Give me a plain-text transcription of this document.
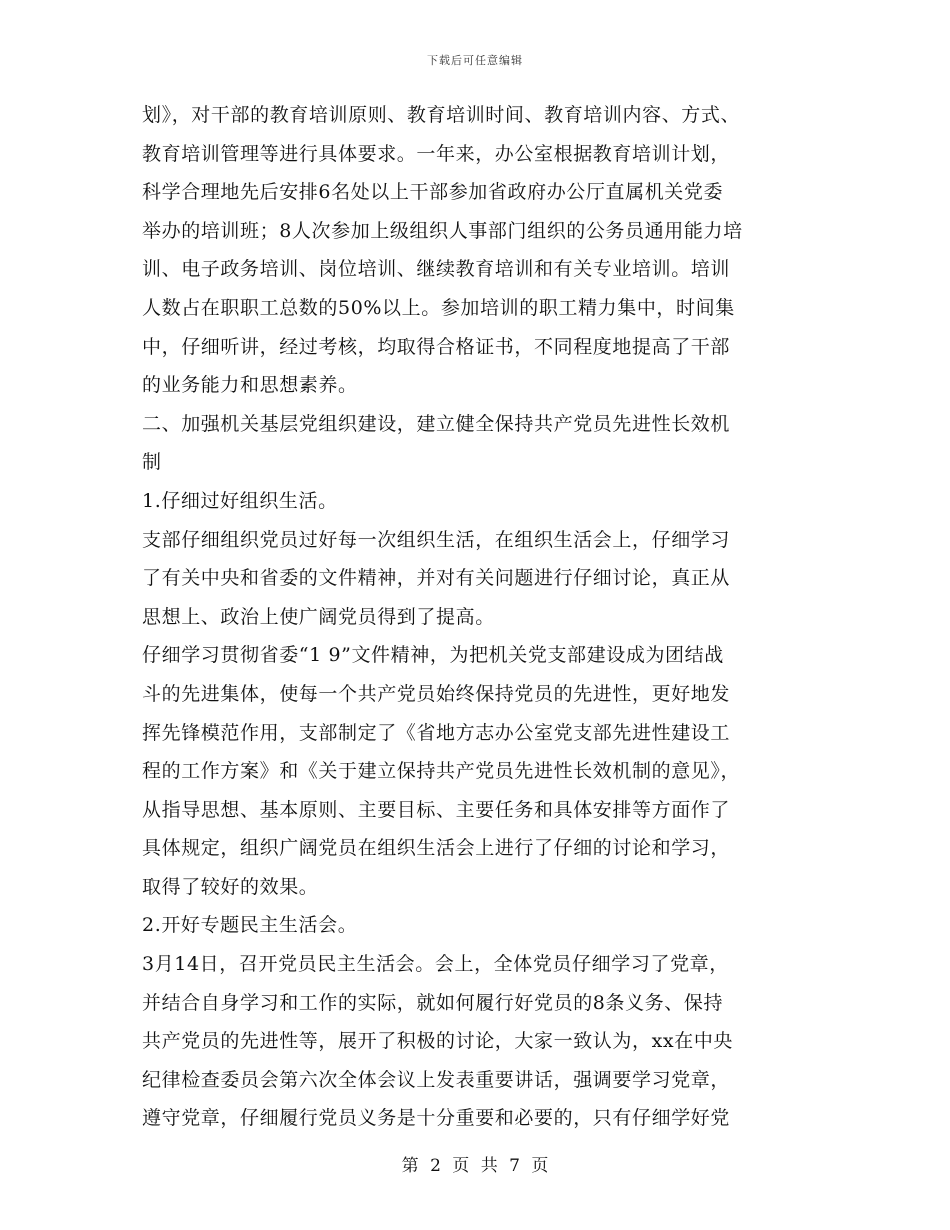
下载后可任意编辑
划》，对干部的教育培训原则、教育培训时间、教育培训内容、方式、
教育培训管理等进行具体要求。一年来，办公室根据教育培训计划，
科学合理地先后安排6名处以上干部参加省政府办公厅直属机关党委
举办的培训班；8人次参加上级组织人事部门组织的公务员通用能力培
训、电子政务培训、岗位培训、继续教育培训和有关专业培训。培训
人数占在职职工总数的50%以上。参加培训的职工精力集中，时间集
中，仔细听讲，经过考核，均取得合格证书，不同程度地提高了干部
的业务能力和思想素养。
二、加强机关基层党组织建设，建立健全保持共产党员先进性长效机
制
1.仔细过好组织生活。
支部仔细组织党员过好每一次组织生活，在组织生活会上，仔细学习
了有关中央和省委的文件精神，并对有关问题进行仔细讨论，真正从
思想上、政治上使广阔党员得到了提高。
仔细学习贯彻省委“1 9”文件精神，为把机关党支部建设成为团结战
斗的先进集体，使每一个共产党员始终保持党员的先进性，更好地发
挥先锋模范作用，支部制定了《省地方志办公室党支部先进性建设工
程的工作方案》和《关于建立保持共产党员先进性长效机制的意见》，
从指导思想、基本原则、主要目标、主要任务和具体安排等方面作了
具体规定，组织广阔党员在组织生活会上进行了仔细的讨论和学习，
取得了较好的效果。
2.开好专题民主生活会。
3月14日，召开党员民主生活会。会上，全体党员仔细学习了党章，
并结合自身学习和工作的实际，就如何履行好党员的8条义务、保持
共产党员的先进性等，展开了积极的讨论，大家一致认为，xx在中央
纪律检查委员会第六次全体会议上发表重要讲话，强调要学习党章，
遵守党章，仔细履行党员义务是十分重要和必要的，只有仔细学好党
第 2 页 共 7 页
